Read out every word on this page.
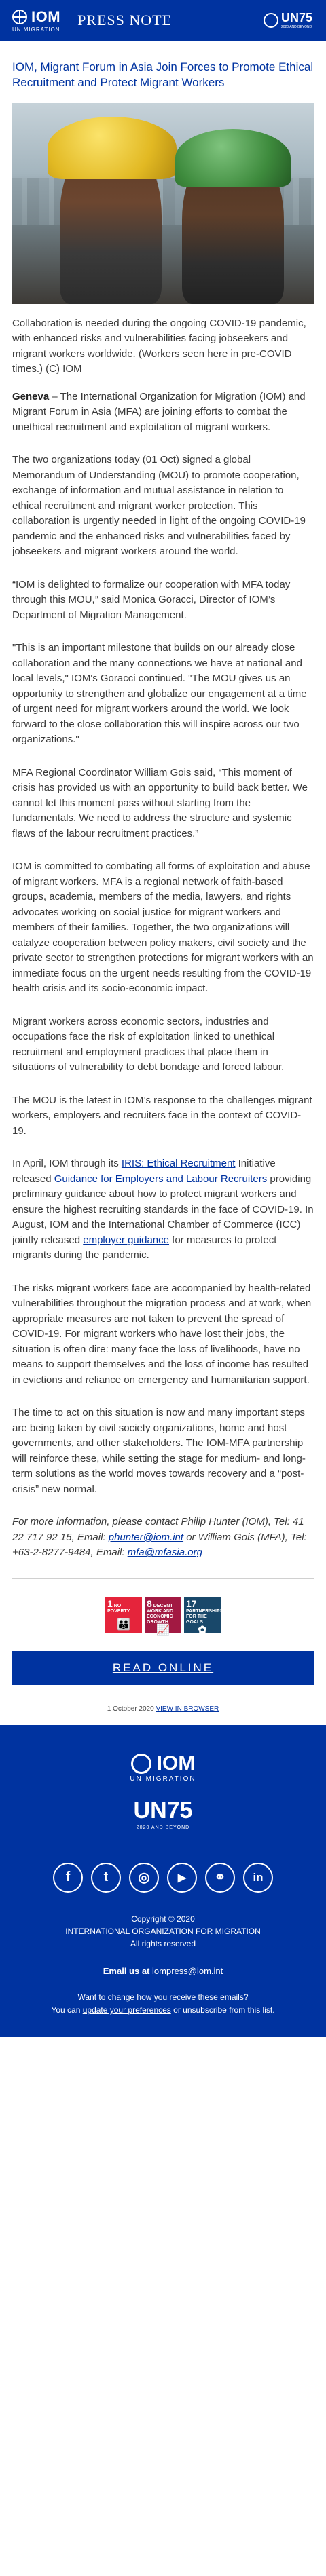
IOM
UN MIGRATION
PRESS NOTE	UN75
2020 AND BEYOND
IOM, Migrant Forum in Asia Join Forces to Promote Ethical Recruitment and Protect Migrant Workers

Collaboration is needed during the ongoing COVID-19 pandemic, with enhanced risks and vulnerabilities facing jobseekers and migrant workers worldwide. (Workers seen here in pre-COVID times.) (C) IOM

Geneva – The International Organization for Migration (IOM) and Migrant Forum in Asia (MFA) are joining efforts to combat the unethical recruitment and exploitation of migrant workers.

The two organizations today (01 Oct) signed a global Memorandum of Understanding (MOU) to promote cooperation, exchange of information and mutual assistance in relation to ethical recruitment and migrant worker protection. This collaboration is urgently needed in light of the ongoing COVID-19 pandemic and the enhanced risks and vulnerabilities faced by jobseekers and migrant workers around the world.

“IOM is delighted to formalize our cooperation with MFA today through this MOU,” said Monica Goracci, Director of IOM’s Department of Migration Management.

"This is an important milestone that builds on our already close collaboration and the many connections we have at national and local levels," IOM's Goracci continued. "The MOU gives us an opportunity to strengthen and globalize our engagement at a time of urgent need for migrant workers around the world. We look forward to the close collaboration this will inspire across our two organizations."

MFA Regional Coordinator William Gois said, “This moment of crisis has provided us with an opportunity to build back better. We cannot let this moment pass without starting from the fundamentals. We need to address the structure and systemic flaws of the labour recruitment practices.”

IOM is committed to combating all forms of exploitation and abuse of migrant workers. MFA is a regional network of faith-based groups, academia, members of the media, lawyers, and rights advocates working on social justice for migrant workers and members of their families. Together, the two organizations will catalyze cooperation between policy makers, civil society and the private sector to strengthen protections for migrant workers with an immediate focus on the urgent needs resulting from the COVID-19 health crisis and its socio-economic impact.

Migrant workers across economic sectors, industries and occupations face the risk of exploitation linked to unethical recruitment and employment practices that place them in situations of vulnerability to debt bondage and forced labour.

The MOU is the latest in IOM’s response to the challenges migrant workers, employers and recruiters face in the context of COVID-19.

In April, IOM through its IRIS: Ethical Recruitment Initiative released Guidance for Employers and Labour Recruiters providing preliminary guidance about how to protect migrant workers and ensure the highest recruiting standards in the face of COVID-19. In August, IOM and the International Chamber of Commerce (ICC) jointly released employer guidance for measures to protect migrants during the pandemic.

The risks migrant workers face are accompanied by health-related vulnerabilities throughout the migration process and at work, when appropriate measures are not taken to prevent the spread of COVID-19. For migrant workers who have lost their jobs, the situation is often dire: many face the loss of livelihoods, have no means to support themselves and the loss of income has resulted in evictions and reliance on emergency and humanitarian support.

The time to act on this situation is now and many important steps are being taken by civil society organizations, home and host governments, and other stakeholders. The IOM-MFA partnership will reinforce these, while setting the stage for medium- and long-term solutions as the world moves towards recovery and a “post-crisis” new normal.

For more information, please contact Philip Hunter (IOM), Tel: 41 22 717 92 15, Email: phunter@iom.int or William Gois (MFA), Tel: +63-2-8277-9484, Email: mfa@mfasia.org

1 NO POVERTY
👪
8 DECENT WORK AND ECONOMIC GROWTH
📈
17 PARTNERSHIPS FOR THE GOALS
✿
READ ONLINE
1 October 2020 VIEW IN BROWSER
IOM
UN MIGRATION
UN75
2020 AND BEYOND
f	t	◎	▶	⚭	in
Copyright © 2020
INTERNATIONAL ORGANIZATION FOR MIGRATION
All rights reserved
Email us at iompress@iom.int
Want to change how you receive these emails?
You can update your preferences or unsubscribe from this list.
